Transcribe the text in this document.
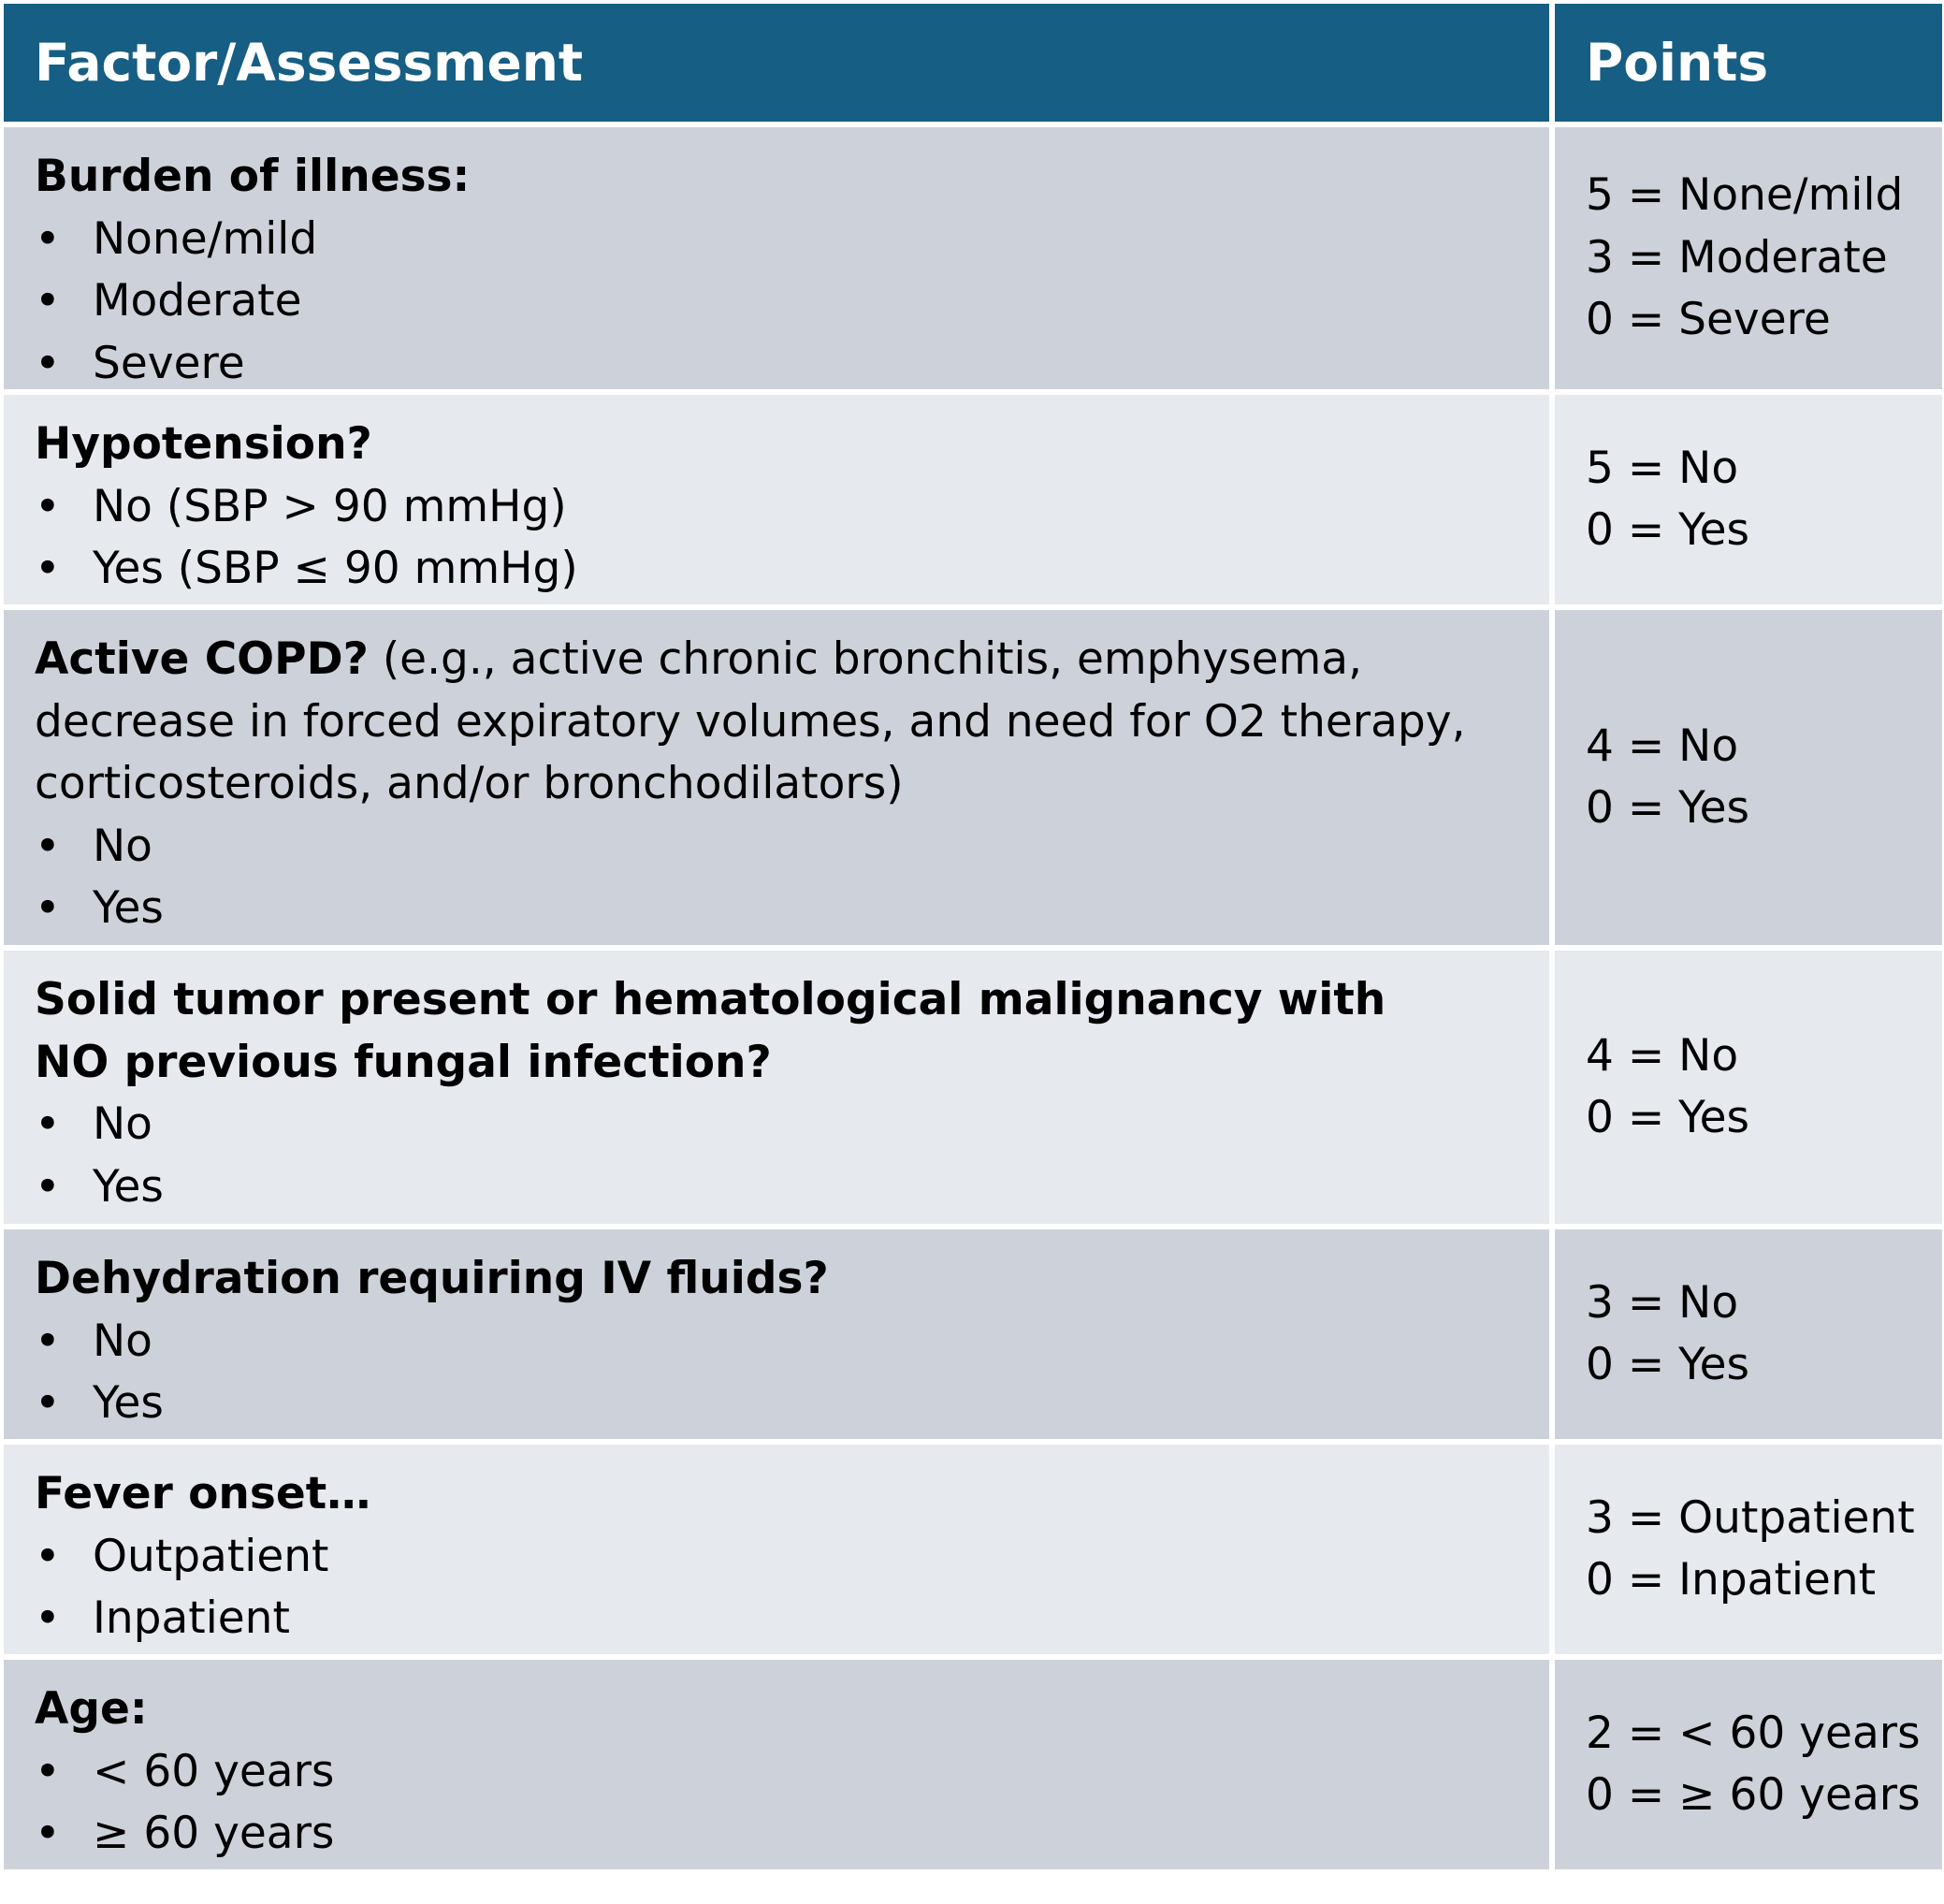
Factor/Assessment	Points
Burden of illness:
• None/mild
• Moderate
• Severe
5 = None/mild
3 = Moderate
0 = Severe
Hypotension?
• No (SBP > 90 mmHg)
• Yes (SBP ≤ 90 mmHg)
5 = No
0 = Yes
Active COPD? (e.g., active chronic bronchitis, emphysema, decrease in forced expiratory volumes, and need for O2 therapy, corticosteroids, and/or bronchodilators)
• No
• Yes
4 = No
0 = Yes
Solid tumor present or hematological malignancy with NO previous fungal infection?
• No
• Yes
4 = No
0 = Yes
Dehydration requiring IV fluids?
• No
• Yes
3 = No
0 = Yes
Fever onset…
• Outpatient
• Inpatient
3 = Outpatient
0 = Inpatient
Age:
• < 60 years
• ≥ 60 years
2 = < 60 years
0 = ≥ 60 years
